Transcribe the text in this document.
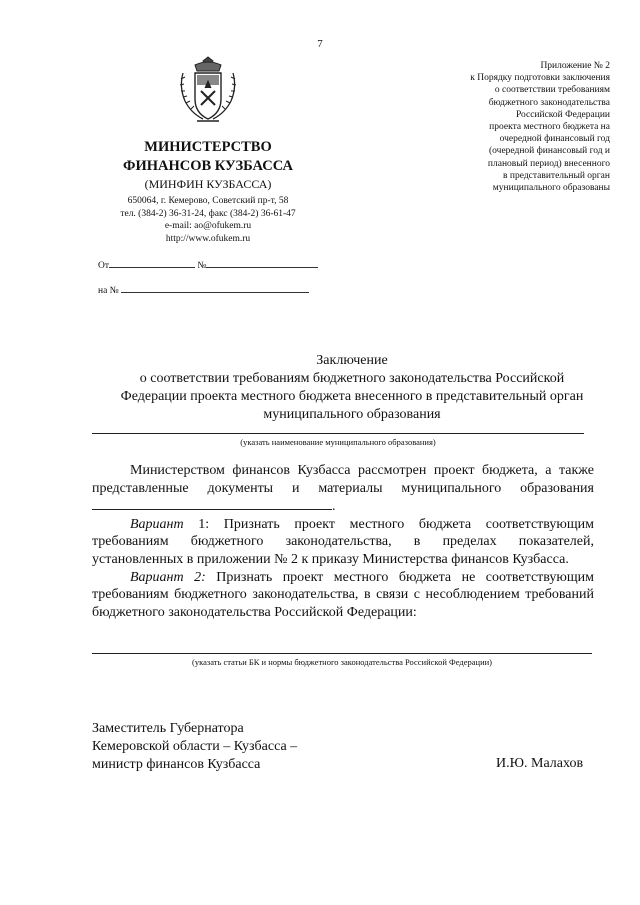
7
МИНИСТЕРСТВО
ФИНАНСОВ КУЗБАССА
(МИНФИН КУЗБАССА)
650064, г. Кемерово, Советский пр-т, 58
тел. (384-2) 36-31-24, факс (384-2) 36-61-47
e-mail: ao@ofukem.ru
http://www.ofukem.ru
От	№
на №
Приложение № 2
к Порядку подготовки заключения
о соответствии требованиям
бюджетного законодательства
Российской Федерации
проекта местного бюджета на
очередной финансовый год
(очередной финансовый год и
плановый период) внесенного
в представительный орган
муниципального образованы
Заключение
о соответствии требованиям бюджетного законодательства Российской
Федерации проекта местного бюджета внесенного в представительный орган
муниципального образования
(указать наименование муниципального образования)

Министерством финансов Кузбасса рассмотрен проект бюджета, а также представленные документы и материалы муниципального образования .

Вариант 1: Признать проект местного бюджета соответствующим требованиям бюджетного законодательства, в пределах показателей, установленных в приложении № 2 к приказу Министерства финансов Кузбасса.

Вариант 2: Признать проект местного бюджета не соответствующим требованиям бюджетного законодательства, в связи с несоблюдением требований бюджетного законодательства Российской Федерации:

(указать статьи БК и нормы бюджетного законодательства Российской Федерации)
Заместитель Губернатора
Кемеровской области – Кузбасса –
министр финансов Кузбасса	И.Ю. Малахов
